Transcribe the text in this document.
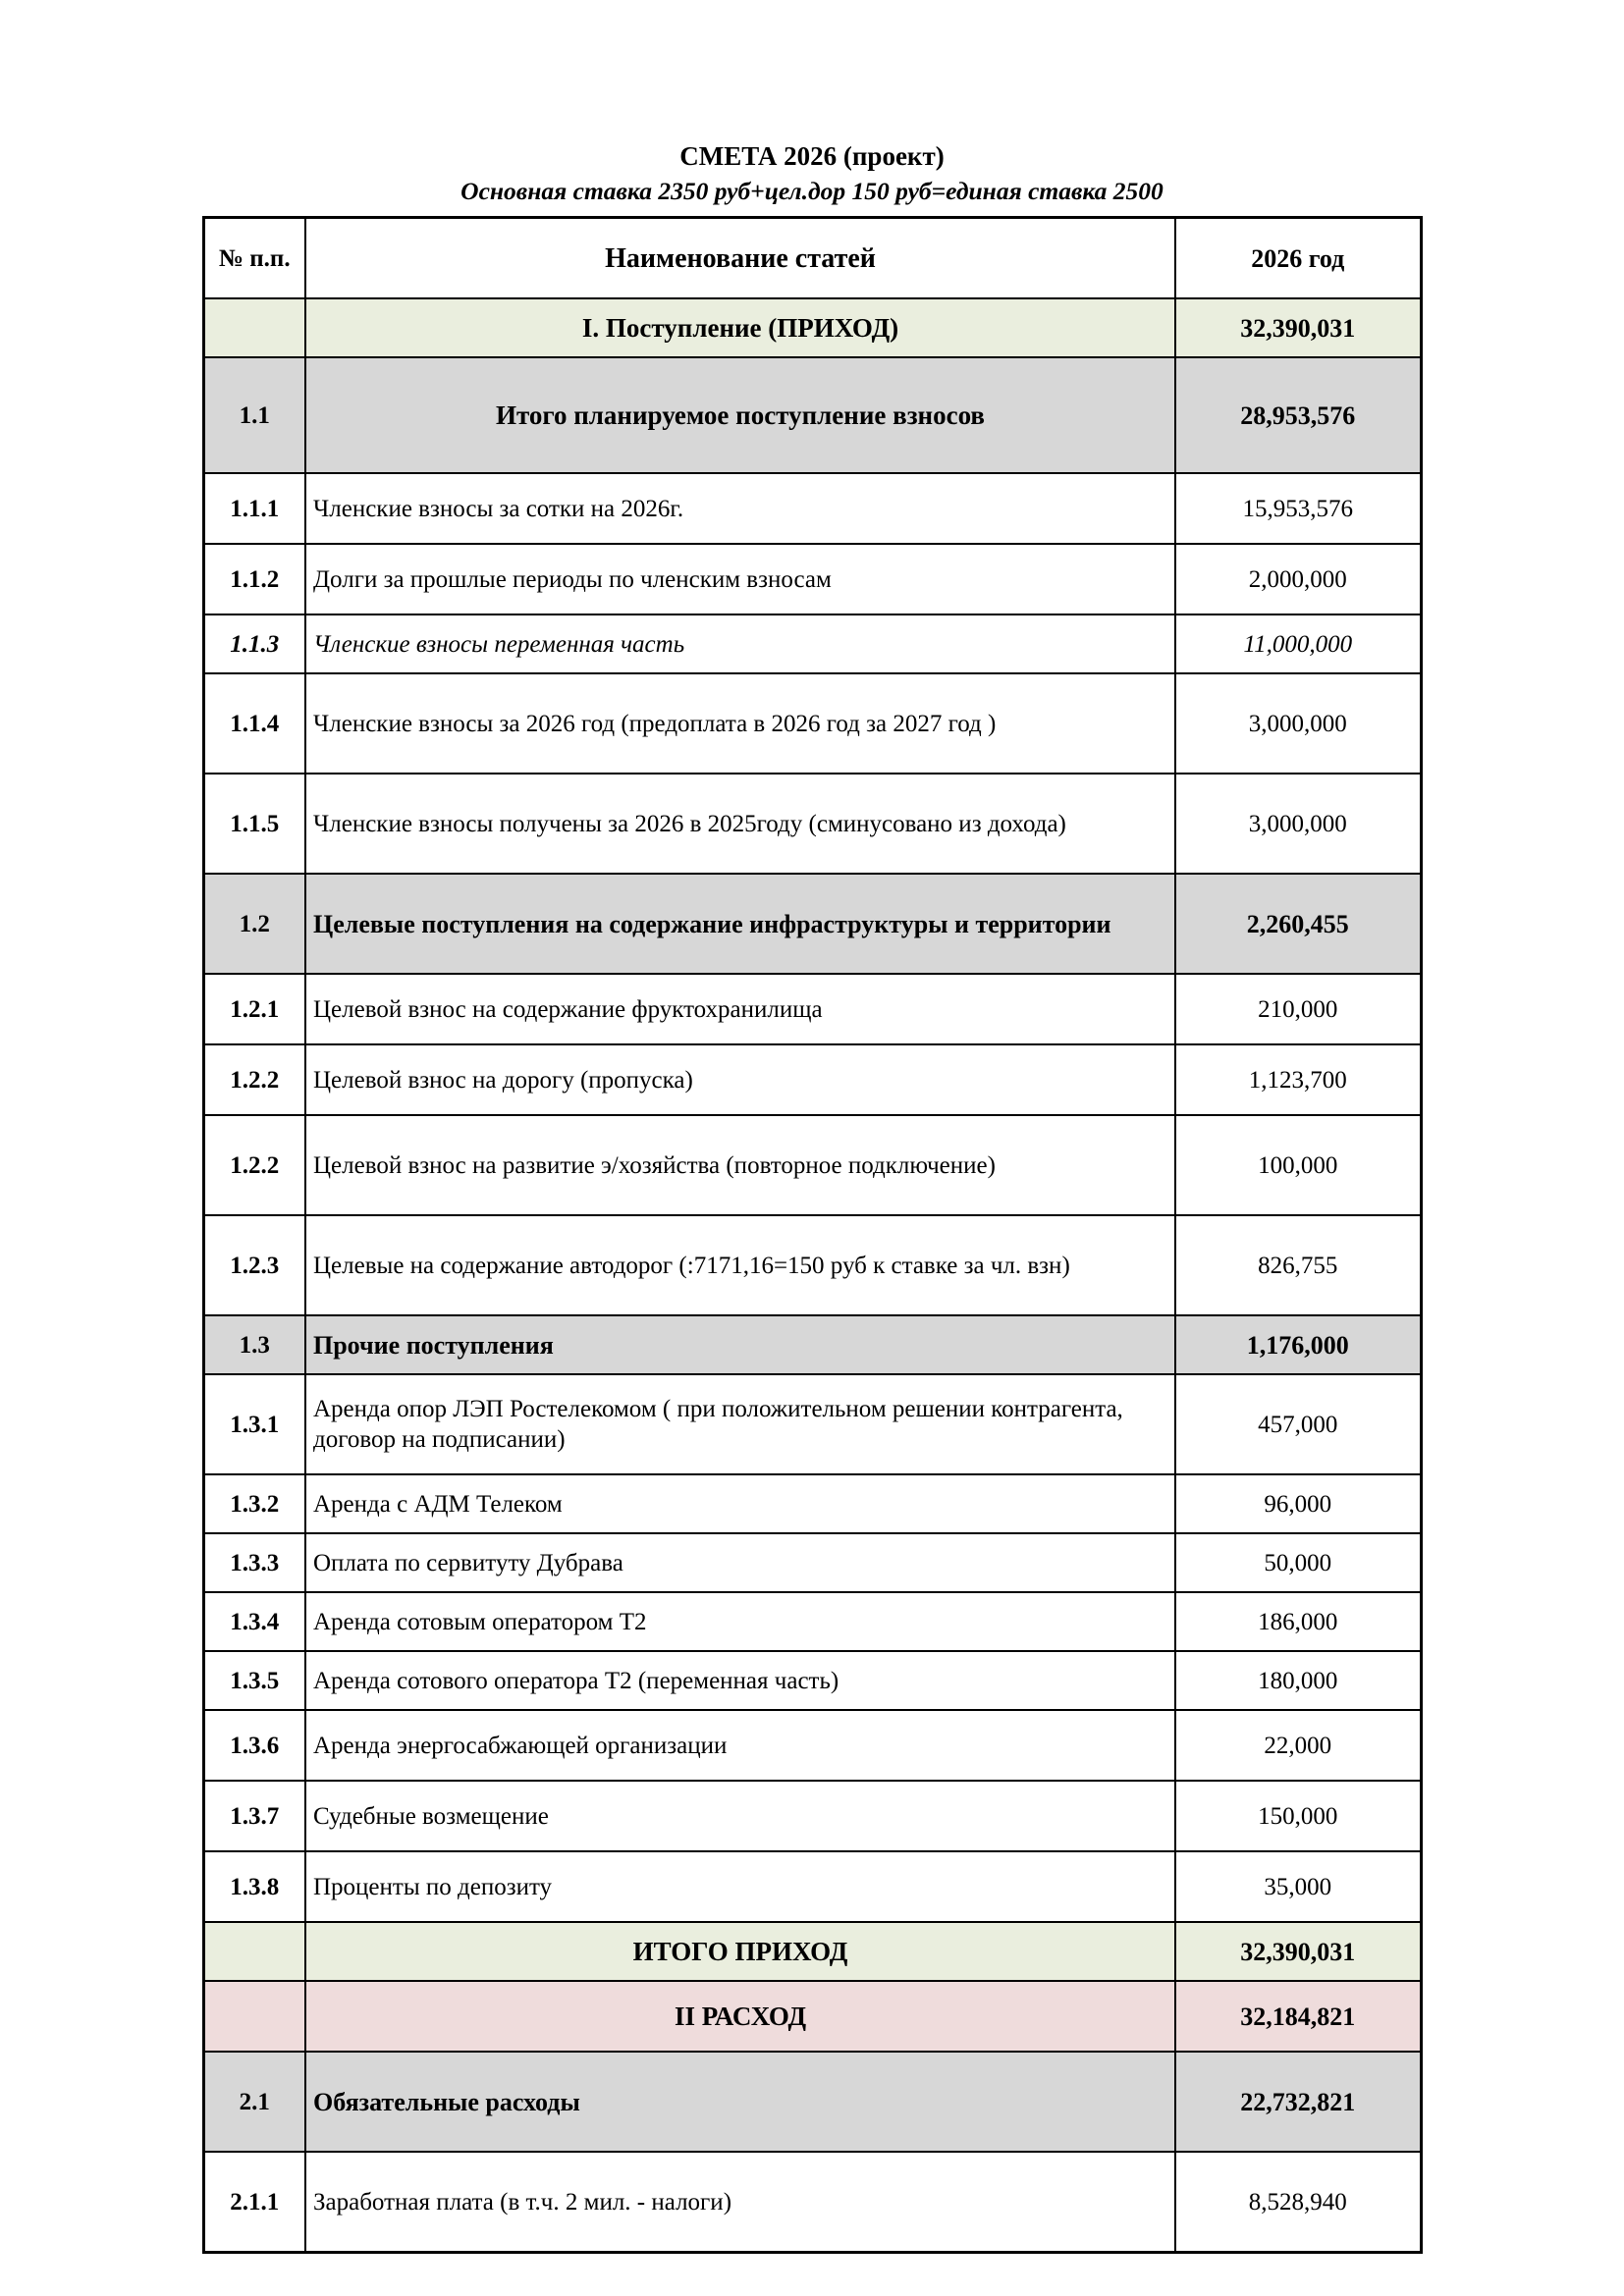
СМЕТА 2026 (проект)
Основная ставка 2350 руб+цел.дор 150 руб=единая ставка 2500
№ п.п.	Наименование статей	2026 год
	I. Поступление (ПРИХОД)	32,390,031
1.1	Итого планируемое поступление взносов	28,953,576
1.1.1	Членские взносы за сотки на 2026г.	15,953,576
1.1.2	Долги за прошлые периоды по членским взносам	2,000,000
1.1.3	Членские взносы переменная часть	11,000,000
1.1.4	Членские взносы за 2026 год (предоплата в 2026 год за 2027 год )	3,000,000
1.1.5	Членские взносы получены за 2026 в 2025году (сминусовано из дохода)	3,000,000
1.2	Целевые поступления на содержание инфраструктуры и территории	2,260,455
1.2.1	Целевой взнос на содержание фруктохранилища	210,000
1.2.2	Целевой взнос на дорогу (пропуска)	1,123,700
1.2.2	Целевой взнос на развитие э/хозяйства (повторное подключение)	100,000
1.2.3	Целевые на содержание автодорог (:7171,16=150 руб к ставке за чл. взн)	826,755
1.3	Прочие поступления	1,176,000
1.3.1	Аренда опор ЛЭП Ростелекомом ( при положительном решении контрагента, договор на подписании)	457,000
1.3.2	Аренда с АДМ Телеком	96,000
1.3.3	Оплата по сервитуту Дубрава	50,000
1.3.4	Аренда сотовым оператором Т2	186,000
1.3.5	Аренда сотового оператора Т2 (переменная часть)	180,000
1.3.6	Аренда энергосабжающей организации	22,000
1.3.7	Судебные возмещение	150,000
1.3.8	Проценты по депозиту	35,000
	ИТОГО ПРИХОД	32,390,031
	II РАСХОД	32,184,821
2.1	Обязательные расходы	22,732,821
2.1.1	Заработная плата (в т.ч. 2 мил. - налоги)	8,528,940
